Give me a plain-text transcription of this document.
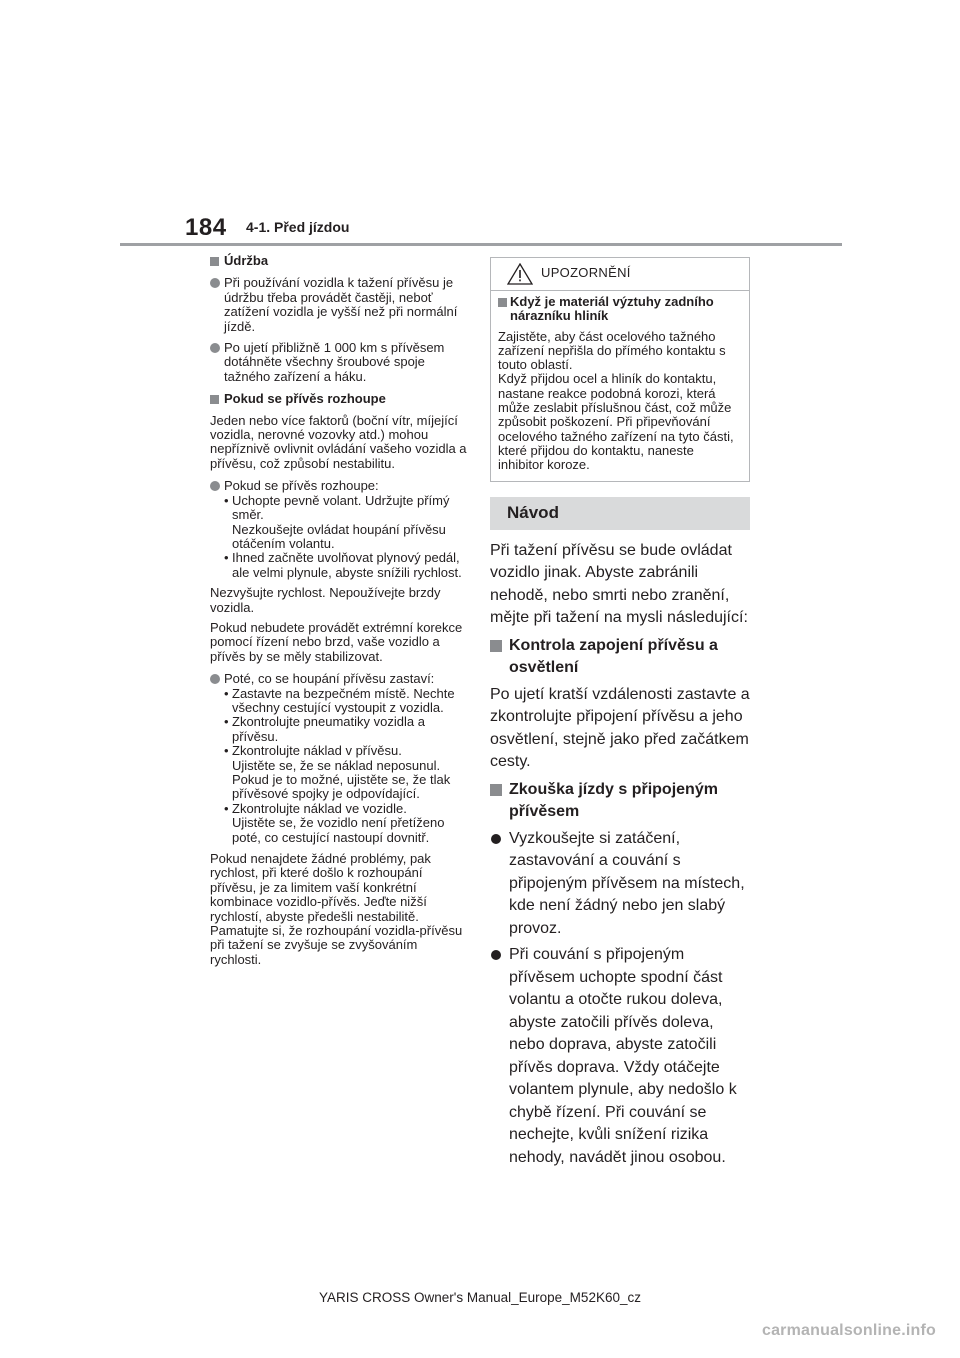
184 4-1. Před jízdou

Údržba

Při používání vozidla k tažení přívěsu je údržbu třeba provádět častěji, neboť zatížení vozidla je vyšší než při normální jízdě.

Po ujetí přibližně 1 000 km s přívěsem dotáhněte všechny šroubové spoje tažného zařízení a háku.

Pokud se přívěs rozhoupe

Jeden nebo více faktorů (boční vítr, míjející vozidla, nerovné vozovky atd.) mohou nepříznivě ovlivnit ovládání vašeho vozidla a přívěsu, což způsobí nestabilitu.

Pokud se přívěs rozhoupe:

• Uchopte pevně volant. Udržujte přímý směr.

Nezkoušejte ovládat houpání přívěsu otáčením volantu.

• Ihned začněte uvolňovat plynový pedál, ale velmi plynule, abyste snížili rychlost.

Nezvyšujte rychlost. Nepoužívejte brzdy vozidla.

Pokud nebudete provádět extrémní korekce pomocí řízení nebo brzd, vaše vozidlo a přívěs by se měly stabilizovat.

Poté, co se houpání přívěsu zastaví:

• Zastavte na bezpečném místě. Nechte všechny cestující vystoupit z vozidla.

• Zkontrolujte pneumatiky vozidla a přívěsu.

• Zkontrolujte náklad v přívěsu.

Ujistěte se, že se náklad neposunul. Pokud je to možné, ujistěte se, že tlak přívěsové spojky je odpovídající.

• Zkontrolujte náklad ve vozidle.

Ujistěte se, že vozidlo není přetíženo poté, co cestující nastoupí dovnitř.

Pokud nenajdete žádné problémy, pak rychlost, při které došlo k rozhoupání přívěsu, je za limitem vaší konkrétní kombinace vozidlo-přívěs. Jeďte nižší rychlostí, abyste předešli nestabilitě. Pamatujte si, že rozhoupání vozidla-přívěsu při tažení se zvyšuje se zvyšováním rychlosti.

UPOZORNĚNÍ

Když je materiál výztuhy zadního nárazníku hliník

Zajistěte, aby část ocelového tažného zařízení nepřišla do přímého kontaktu s touto oblastí.

Když přijdou ocel a hliník do kontaktu, nastane reakce podobná korozi, která může zeslabit příslušnou část, což může způsobit poškození. Při připevňování ocelového tažného zařízení na tyto části, které přijdou do kontaktu, naneste inhibitor koroze.

Návod

Při tažení přívěsu se bude ovládat vozidlo jinak. Abyste zabránili nehodě, nebo smrti nebo zranění, mějte při tažení na mysli následující:

Kontrola zapojení přívěsu a osvětlení

Po ujetí kratší vzdálenosti zastavte a zkontrolujte připojení přívěsu a jeho osvětlení, stejně jako před začátkem cesty.

Zkouška jízdy s připojeným přívěsem

Vyzkoušejte si zatáčení, zastavování a couvání s připojeným přívěsem na místech, kde není žádný nebo jen slabý provoz.

Při couvání s připojeným přívěsem uchopte spodní část volantu a otočte rukou doleva, abyste zatočili přívěs doleva, nebo doprava, abyste zatočili přívěs doprava. Vždy otáčejte volantem plynule, aby nedošlo k chybě řízení. Při couvání se nechejte, kvůli snížení rizika nehody, navádět jinou osobou.

YARIS CROSS Owner's Manual_Europe_M52K60_cz
carmanualsonline.info
